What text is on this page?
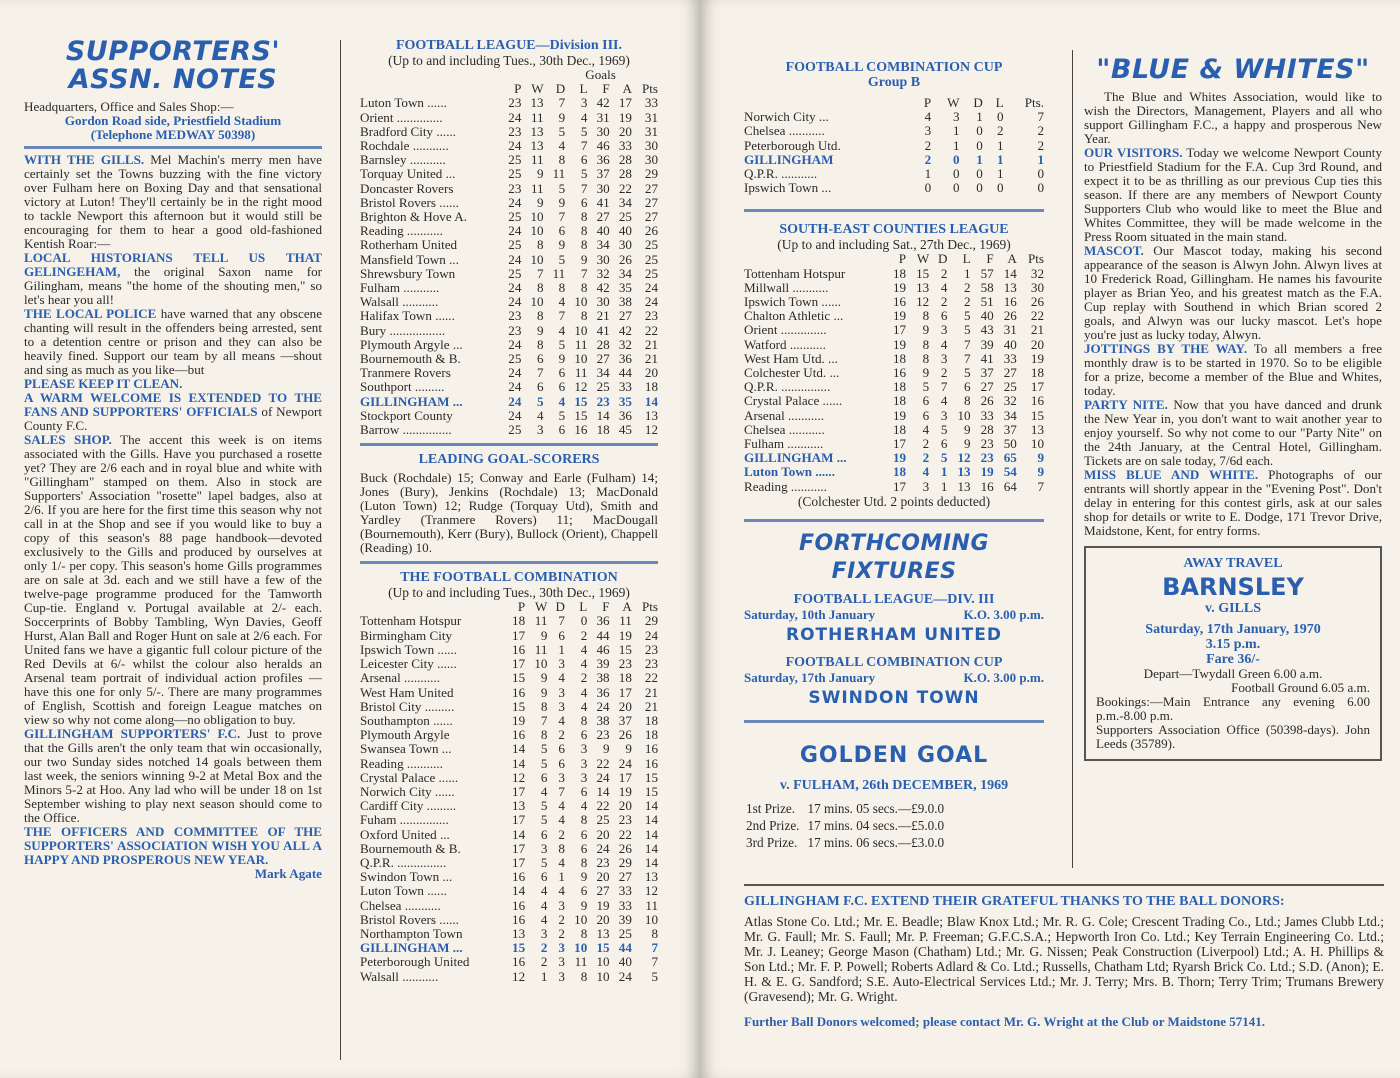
SUPPORTERS' ASSN. NOTES

Headquarters, Office and Sales Shop:—

Gordon Road side, Priestfield Stadium

(Telephone MEDWAY 50398)

WITH THE GILLS. Mel Machin's merry men have certainly set the Towns buzzing with the fine victory over Fulham here on Boxing Day and that sensational victory at Luton! They'll certainly be in the right mood to tackle Newport this afternoon but it would still be encouraging for them to hear a good old-fashioned Kentish Roar:—

LOCAL HISTORIANS TELL US THAT GELINGEHAM, the original Saxon name for Gilingham, means "the home of the shouting men," so let's hear you all!

THE LOCAL POLICE have warned that any obscene chanting will result in the offenders being arrested, sent to a detention centre or prison and they can also be heavily fined. Support our team by all means —shout and sing as much as you like—but

PLEASE KEEP IT CLEAN.

A WARM WELCOME IS EXTENDED TO THE FANS AND SUPPORTERS' OFFICIALS of Newport County F.C.

SALES SHOP. The accent this week is on items associated with the Gills. Have you purchased a rosette yet? They are 2/6 each and in royal blue and white with "Gillingham" stamped on them. Also in stock are Supporters' Association "rosette" lapel badges, also at 2/6. If you are here for the first time this season why not call in at the Shop and see if you would like to buy a copy of this season's 88 page handbook—devoted exclusively to the Gills and produced by ourselves at only 1/- per copy. This season's home Gills programmes are on sale at 3d. each and we still have a few of the twelve-page programme produced for the Tamworth Cup-tie. England v. Portugal available at 2/- each. Soccerprints of Bobby Tambling, Wyn Davies, Geoff Hurst, Alan Ball and Roger Hunt on sale at 2/6 each. For United fans we have a gigantic full colour picture of the Red Devils at 6/- whilst the colour also heralds an Arsenal team portrait of individual action profiles —have this one for only 5/-. There are many programmes of English, Scottish and foreign League matches on view so why not come along—no obligation to buy.

GILLINGHAM SUPPORTERS' F.C. Just to prove that the Gills aren't the only team that win occasionally, our two Sunday sides notched 14 goals between them last week, the seniors winning 9-2 at Metal Box and the Minors 5-2 at Hoo. Any lad who will be under 18 on 1st September wishing to play next season should come to the Office.

THE OFFICERS AND COMMITTEE OF THE SUPPORTERS' ASSOCIATION WISH YOU ALL A HAPPY AND PROSPEROUS NEW YEAR.
Mark Agate

FOOTBALL LEAGUE—Division III.

(Up to and including Tues., 30th Dec., 1969)

				Goals			
	P	W	D	L	F	A	Pts
Luton Town ......	23	13	7	3	42	17	33
Orient ..............	24	11	9	4	31	19	31
Bradford City ......	23	13	5	5	30	20	31
Rochdale ...........	24	13	4	7	46	33	30
Barnsley ...........	25	11	8	6	36	28	30
Torquay United ...	25	9	11	5	37	28	29
Doncaster Rovers	23	11	5	7	30	22	27
Bristol Rovers ......	24	9	9	6	41	34	27
Brighton & Hove A.	25	10	7	8	27	25	27
Reading ...........	24	10	6	8	40	40	26
Rotherham United	25	8	9	8	34	30	25
Mansfield Town ...	24	10	5	9	30	26	25
Shrewsbury Town	25	7	11	7	32	34	25
Fulham ...........	24	8	8	8	42	35	24
Walsall ...........	24	10	4	10	30	38	24
Halifax Town ......	23	8	7	8	21	27	23
Bury .................	23	9	4	10	41	42	22
Plymouth Argyle ...	24	8	5	11	28	32	21
Bournemouth & B.	25	6	9	10	27	36	21
Tranmere Rovers	24	7	6	11	34	44	20
Southport .........	24	6	6	12	25	33	18
GILLINGHAM ...	24	5	4	15	23	35	14
Stockport County	24	4	5	15	14	36	13
Barrow ...............	25	3	6	16	18	45	12

LEADING GOAL-SCORERS

Buck (Rochdale) 15; Conway and Earle (Fulham) 14; Jones (Bury), Jenkins (Rochdale) 13; MacDonald (Luton Town) 12; Rudge (Torquay Utd), Smith and Yardley (Tranmere Rovers) 11; MacDougall (Bournemouth), Kerr (Bury), Bullock (Orient), Chappell (Reading) 10.

THE FOOTBALL COMBINATION

(Up to and including Tues., 30th Dec., 1969)

	P	W	D	L	F	A	Pts
Tottenham Hotspur	18	11	7	0	36	11	29
Birmingham City	17	9	6	2	44	19	24
Ipswich Town ......	16	11	1	4	46	15	23
Leicester City ......	17	10	3	4	39	23	23
Arsenal ...........	15	9	4	2	38	18	22
West Ham United	16	9	3	4	36	17	21
Bristol City .........	15	8	3	4	24	20	21
Southampton ......	19	7	4	8	38	37	18
Plymouth Argyle	16	8	2	6	23	26	18
Swansea Town ...	14	5	6	3	9	9	16
Reading ...........	14	5	6	3	22	24	16
Crystal Palace ......	12	6	3	3	24	17	15
Norwich City ......	17	4	7	6	14	19	15
Cardiff City .........	13	5	4	4	22	20	14
Fuham ...............	17	5	4	8	25	23	14
Oxford United ...	14	6	2	6	20	22	14
Bournemouth & B.	17	3	8	6	24	26	14
Q.P.R. ...............	17	5	4	8	23	29	14
Swindon Town ...	16	6	1	9	20	27	13
Luton Town ......	14	4	4	6	27	33	12
Chelsea ...........	16	4	3	9	19	33	11
Bristol Rovers ......	16	4	2	10	20	39	10
Northampton Town	13	3	2	8	13	25	8
GILLINGHAM ...	15	2	3	10	15	44	7
Peterborough United	16	2	3	11	10	40	7
Walsall ...........	12	1	3	8	10	24	5

FOOTBALL COMBINATION CUP

Group B

	P	W	D	L	Pts.
Norwich City ...	4	3	1	0	7
Chelsea ...........	3	1	0	2	2
Peterborough Utd.	2	1	0	1	2
GILLINGHAM	2	0	1	1	1
Q.P.R. ...........	1	0	0	1	0
Ipswich Town ...	0	0	0	0	0

SOUTH-EAST COUNTIES LEAGUE

(Up to and including Sat., 27th Dec., 1969)

	P	W	D	L	F	A	Pts
Tottenham Hotspur	18	15	2	1	57	14	32
Millwall ...........	19	13	4	2	58	13	30
Ipswich Town ......	16	12	2	2	51	16	26
Chalton Athletic ...	19	8	6	5	40	26	22
Orient ..............	17	9	3	5	43	31	21
Watford ...........	19	8	4	7	39	40	20
West Ham Utd. ...	18	8	3	7	41	33	19
Colchester Utd. ...	16	9	2	5	37	27	18
Q.P.R. ...............	18	5	7	6	27	25	17
Crystal Palace ......	18	6	4	8	26	32	16
Arsenal ...........	19	6	3	10	33	34	15
Chelsea ...........	18	4	5	9	28	37	13
Fulham ...........	17	2	6	9	23	50	10
GILLINGHAM ...	19	2	5	12	23	65	9
Luton Town ......	18	4	1	13	19	54	9
Reading ...........	17	3	1	13	16	64	7

(Colchester Utd. 2 points deducted)

FORTHCOMING FIXTURES

FOOTBALL LEAGUE—DIV. III

Saturday, 10th January	K.O. 3.00 p.m.
ROTHERHAM UNITED

FOOTBALL COMBINATION CUP

Saturday, 17th January	K.O. 3.00 p.m.
SWINDON TOWN
GOLDEN GOAL

v. FULHAM, 26th DECEMBER, 1969

1st Prize.	17 mins. 05 secs.—£9.0.0
2nd Prize.	17 mins. 04 secs.—£5.0.0
3rd Prize.	17 mins. 06 secs.—£3.0.0
"BLUE & WHITES"

The Blue and Whites Association, would like to wish the Directors, Management, Players and all who support Gillingham F.C., a happy and prosperous New Year.

OUR VISITORS. Today we welcome Newport County to Priestfield Stadium for the F.A. Cup 3rd Round, and expect it to be as thrilling as our previous Cup ties this season. If there are any members of Newport County Supporters Club who would like to meet the Blue and Whites Committee, they will be made welcome in the Press Room situated in the main stand.

MASCOT. Our Mascot today, making his second appearance of the season is Alwyn John. Alwyn lives at 10 Frederick Road, Gillingham. He names his favourite player as Brian Yeo, and his greatest match as the F.A. Cup replay with Southend in which Brian scored 2 goals, and Alwyn was our lucky mascot. Let's hope you're just as lucky today, Alwyn.

JOTTINGS BY THE WAY. To all members a free monthly draw is to be started in 1970. So to be eligible for a prize, become a member of the Blue and Whites, today.

PARTY NITE. Now that you have danced and drunk the New Year in, you don't want to wait another year to enjoy yourself. So why not come to our "Party Nite" on the 24th January, at the Central Hotel, Gillingham. Tickets are on sale today, 7/6d each.

MISS BLUE AND WHITE. Photographs of our entrants will shortly appear in the "Evening Post". Don't delay in entering for this contest girls, ask at our sales shop for details or write to E. Dodge, 171 Trevor Drive, Maidstone, Kent, for entry forms.

AWAY TRAVEL

BARNSLEY

v. GILLS

Saturday, 17th January, 1970

3.15 p.m.

Fare 36/-

Depart—Twydall Green 6.00 a.m.

Football Ground 6.05 a.m.

Bookings:—Main Entrance any evening 6.00 p.m.-8.00 p.m.

Supporters Association Office (50398-days). John Leeds (35789).

GILLINGHAM F.C. EXTEND THEIR GRATEFUL THANKS TO THE BALL DONORS:

Atlas Stone Co. Ltd.; Mr. E. Beadle; Blaw Knox Ltd.; Mr. R. G. Cole; Crescent Trading Co., Ltd.; James Clubb Ltd.; Mr. G. Faull; Mr. S. Faull; Mr. P. Freeman; G.F.C.S.A.; Hepworth Iron Co. Ltd.; Key Terrain Engineering Co. Ltd.; Mr. J. Leaney; George Mason (Chatham) Ltd.; Mr. G. Nissen; Peak Construction (Liverpool) Ltd.; A. H. Phillips & Son Ltd.; Mr. F. P. Powell; Roberts Adlard & Co. Ltd.; Russells, Chatham Ltd; Ryarsh Brick Co. Ltd.; S.D. (Anon); E. H. & E. G. Sandford; S.E. Auto-Electrical Services Ltd.; Mr. J. Terry; Mrs. B. Thorn; Terry Trim; Trumans Brewery (Gravesend); Mr. G. Wright.

Further Ball Donors welcomed; please contact Mr. G. Wright at the Club or Maidstone 57141.
